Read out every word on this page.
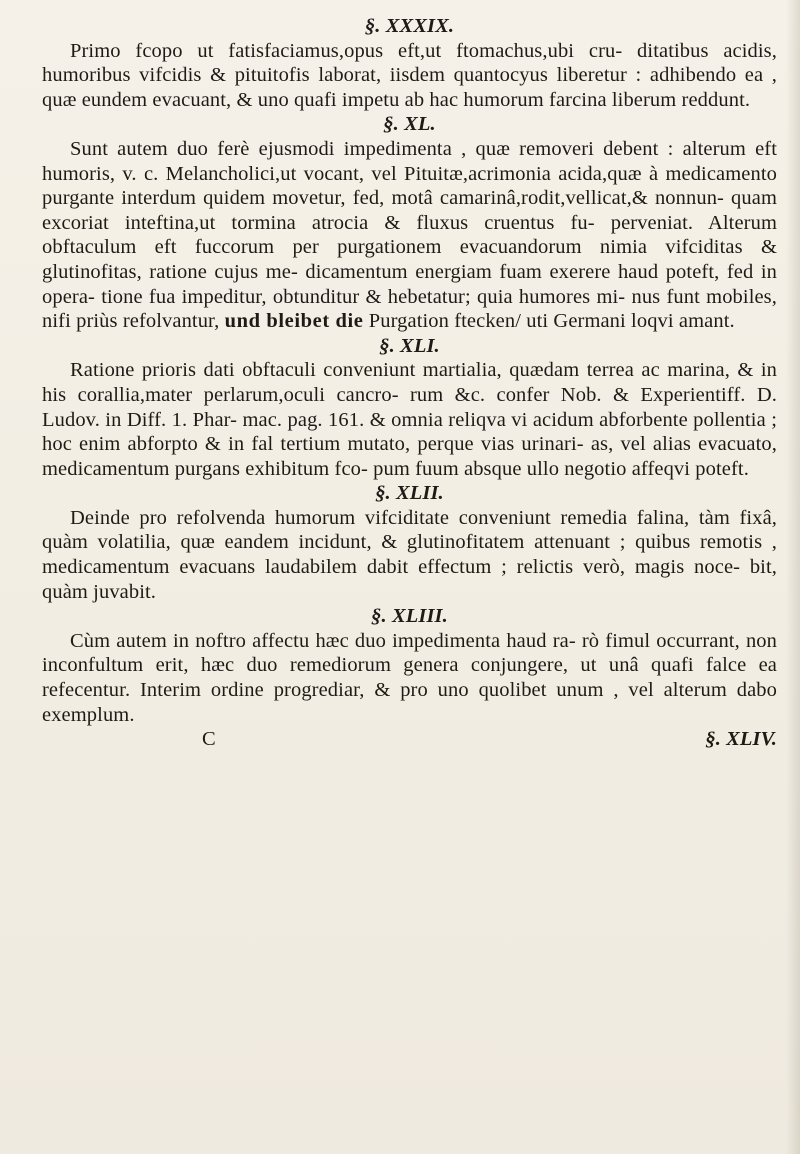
§. XXXIX.

Primo fcopo ut fatisfaciamus,opus eft,ut ftomachus,ubi cru- ditatibus acidis, humoribus vifcidis & pituitofis laborat, iisdem quantocyus liberetur : adhibendo ea , quæ eundem evacuant, & uno quafi impetu ab hac humorum farcina liberum reddunt.

§. XL.

Sunt autem duo ferè ejusmodi impedimenta , quæ removeri debent : alterum eft humoris, v. c. Melancholici,ut vocant, vel Pituitæ,acrimonia acida,quæ à medicamento purgante interdum quidem movetur, fed, motâ camarinâ,rodit,vellicat,& nonnun- quam excoriat inteftina,ut tormina atrocia & fluxus cruentus fu- perveniat. Alterum obftaculum eft fuccorum per purgationem evacuandorum nimia vifciditas & glutinofitas, ratione cujus me- dicamentum energiam fuam exerere haud poteft, fed in opera- tione fua impeditur, obtunditur & hebetatur; quia humores mi- nus funt mobiles, nifi priùs refolvantur, und bleibet die Purgation ftecken/ uti Germani loqvi amant.

§. XLI.

Ratione prioris dati obftaculi conveniunt martialia, quædam terrea ac marina, & in his corallia,mater perlarum,oculi cancro- rum &c. confer Nob. & Experientiff. D. Ludov. in Diff. 1. Phar- mac. pag. 161. & omnia reliqva vi acidum abforbente pollentia ; hoc enim abforpto & in fal tertium mutato, perque vias urinari- as, vel alias evacuato, medicamentum purgans exhibitum fco- pum fuum absque ullo negotio affeqvi poteft.

§. XLII.

Deinde pro refolvenda humorum vifciditate conveniunt remedia falina, tàm fixâ, quàm volatilia, quæ eandem incidunt, & glutinofitatem attenuant ; quibus remotis , medicamentum evacuans laudabilem dabit effectum ; relictis verò, magis noce- bit, quàm juvabit.

§. XLIII.

Cùm autem in noftro affectu hæc duo impedimenta haud ra- rò fimul occurrant, non inconfultum erit, hæc duo remediorum genera conjungere, ut unâ quafi falce ea refecentur. Interim ordine progrediar, & pro uno quolibet unum , vel alterum dabo exemplum.

C	§. XLIV.
